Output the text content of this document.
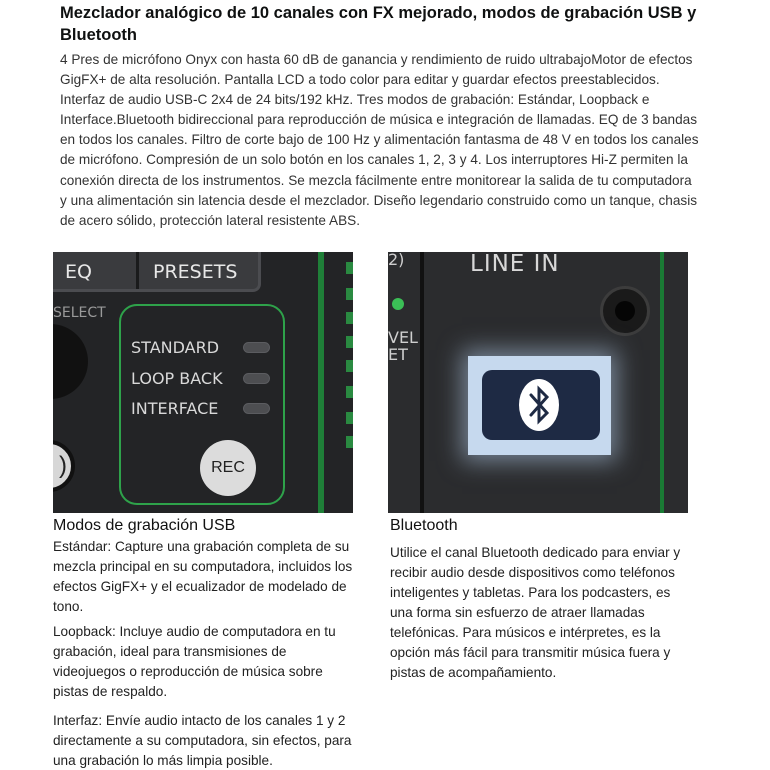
Mezclador analógico de 10 canales con FX mejorado, modos de grabación USB y Bluetooth
4 Pres de micrófono Onyx con hasta 60 dB de ganancia y rendimiento de ruido ultrabajoMotor de efectos GigFX+ de alta resolución. Pantalla LCD a todo color para editar y guardar efectos preestablecidos. Interfaz de audio USB-C 2x4 de 24 bits/192 kHz. Tres modos de grabación: Estándar, Loopback e Interface.Bluetooth bidireccional para reproducción de música e integración de llamadas. EQ de 3 bandas en todos los canales. Filtro de corte bajo de 100 Hz y alimentación fantasma de 48 V en todos los canales de micrófono. Compresión de un solo botón en los canales 1, 2, 3 y 4. Los interruptores Hi-Z permiten la conexión directa de los instrumentos. Se mezcla fácilmente entre monitorear la salida de tu computadora y una alimentación sin latencia desde el mezclador. Diseño legendario construido como un tanque, chasis de acero sólido, protección lateral resistente ABS.
EQ	PRESETS
SELECT
)
STANDARD
LOOP BACK
INTERFACE
REC
2)
VEL
ET
LINE IN
Modos de grabación USB
Estándar: Capture una grabación completa de su mezcla principal en su computadora, incluidos los efectos GigFX+ y el ecualizador de modelado de tono.
Loopback: Incluye audio de computadora en tu grabación, ideal para transmisiones de videojuegos o reproducción de música sobre pistas de respaldo.
Interfaz: Envíe audio intacto de los canales 1 y 2 directamente a su computadora, sin efectos, para una grabación lo más limpia posible.
Bluetooth
Utilice el canal Bluetooth dedicado para enviar y recibir audio desde dispositivos como teléfonos inteligentes y tabletas. Para los podcasters, es una forma sin esfuerzo de atraer llamadas telefónicas. Para músicos e intérpretes, es la opción más fácil para transmitir música fuera y pistas de acompañamiento.
